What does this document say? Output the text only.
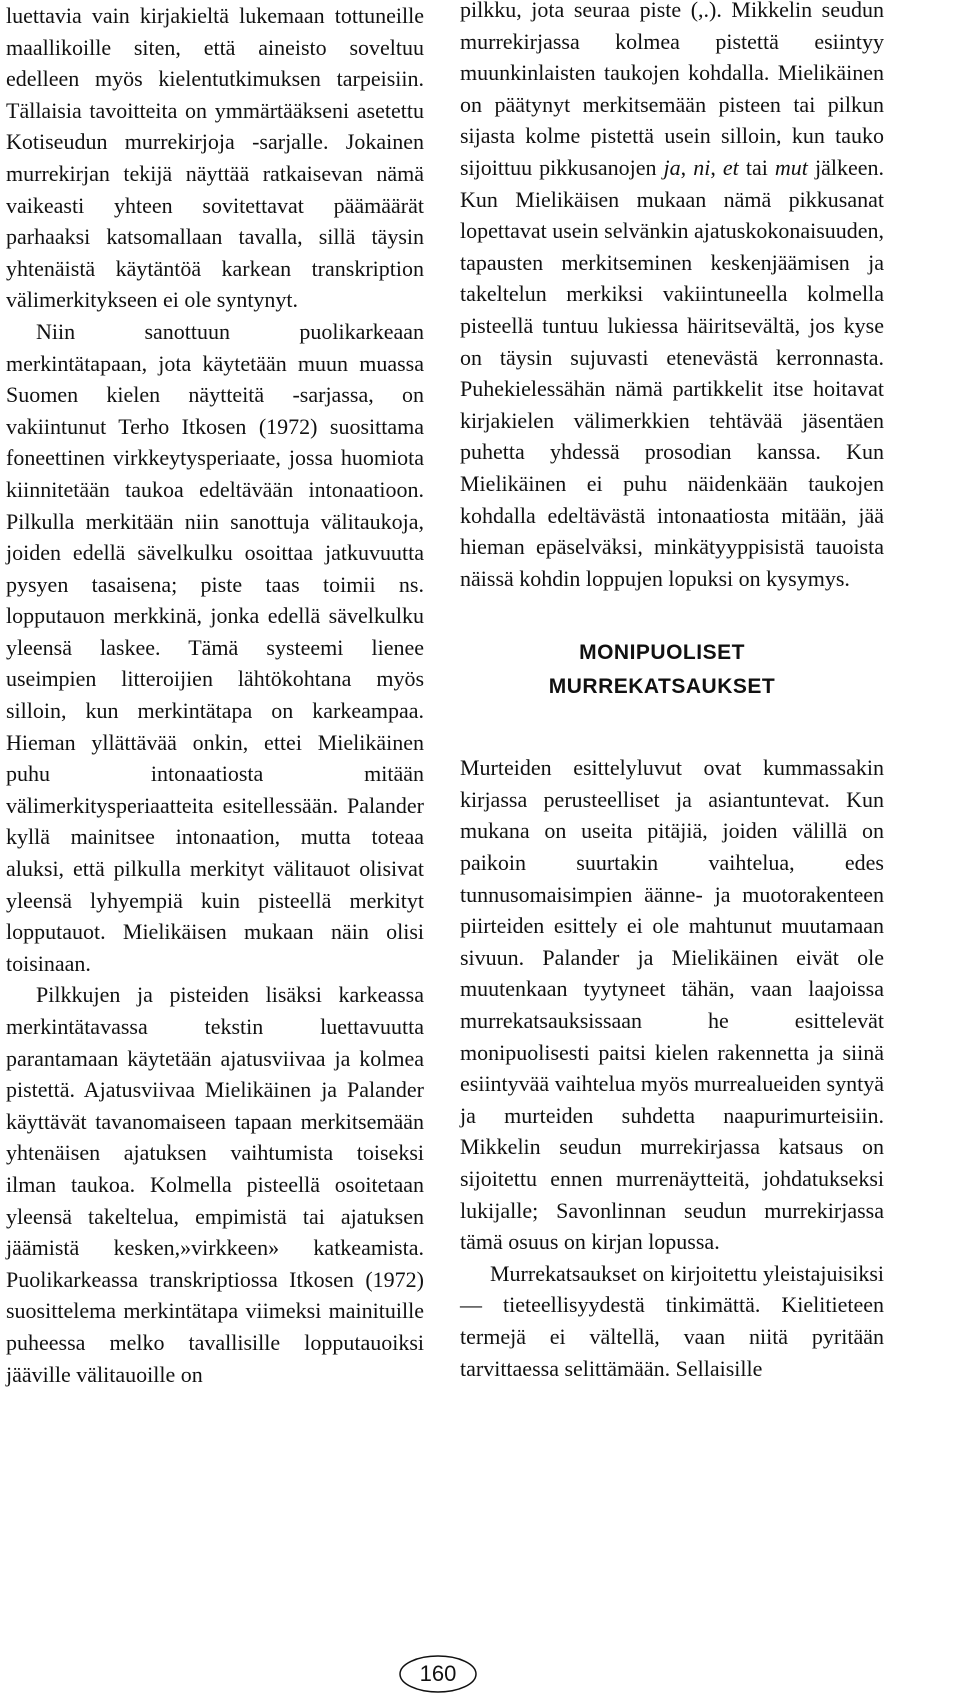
luettavia vain kirjakieltä lukemaan tottuneille maallikoille siten, että aineisto soveltuu edelleen myös kielentutkimuksen tarpeisiin. Tällaisia tavoitteita on ymmärtääkseni asetettu Kotiseudun murrekirjoja -sarjalle. Jokainen murrekirjan tekijä näyttää ratkaisevan nämä vaikeasti yhteen sovitettavat päämäärät parhaaksi katsomallaan tavalla, sillä täysin yhtenäistä käytäntöä karkean transkription välimerkitykseen ei ole syntynyt.

Niin sanottuun puolikarkeaan merkintätapaan, jota käytetään muun muassa Suomen kielen näytteitä -sarjassa, on vakiintunut Terho Itkosen (1972) suosittama foneettinen virkkeytysperiaate, jossa huomiota kiinnitetään taukoa edeltävään intonaatioon. Pilkulla merkitään niin sanottuja välitaukoja, joiden edellä sävelkulku osoittaa jatkuvuutta pysyen tasaisena; piste taas toimii ns. lopputauon merkkinä, jonka edellä sävelkulku yleensä laskee. Tämä systeemi lienee useimpien litteroijien lähtökohtana myös silloin, kun merkintätapa on karkeampaa. Hieman yllättävää onkin, ettei Mielikäinen puhu intonaatiosta mitään välimerkitysperiaatteita esitellessään. Palander kyllä mainitsee intonaation, mutta toteaa aluksi, että pilkulla merkityt välitauot olisivat yleensä lyhyempiä kuin pisteellä merkityt lopputauot. Mielikäisen mukaan näin olisi toisinaan.

Pilkkujen ja pisteiden lisäksi karkeassa merkintätavassa tekstin luettavuutta parantamaan käytetään ajatusviivaa ja kolmea pistettä. Ajatusviivaa Mielikäinen ja Palander käyttävät tavanomaiseen tapaan merkitsemään yhtenäisen ajatuksen vaihtumista toiseksi ilman taukoa. Kolmella pisteellä osoitetaan yleensä takeltelua, empimistä tai ajatuksen jäämistä kesken,»virkkeen» katkeamista. Puolikarkeassa transkriptiossa Itkosen (1972) suosittelema merkintätapa viimeksi mainituille puheessa melko tavallisille lopputauoiksi jääville välitauoille on

pilkku, jota seuraa piste (,.). Mikkelin seudun murrekirjassa kolmea pistettä esiintyy muunkinlaisten taukojen kohdalla. Mielikäinen on päätynyt merkitsemään pisteen tai pilkun sijasta kolme pistettä usein silloin, kun tauko sijoittuu pikkusanojen ja, ni, et tai mut jälkeen. Kun Mielikäisen mukaan nämä pikkusanat lopettavat usein selvänkin ajatuskokonaisuuden, tapausten merkitseminen keskenjäämisen ja takeltelun merkiksi vakiintuneella kolmella pisteellä tuntuu lukiessa häiritsevältä, jos kyse on täysin sujuvasti etenevästä kerronnasta. Puhekielessähän nämä partikkelit itse hoitavat kirjakielen välimerkkien tehtävää jäsentäen puhetta yhdessä prosodian kanssa. Kun Mielikäinen ei puhu näidenkään taukojen kohdalla edeltävästä intonaatiosta mitään, jää hieman epäselväksi, minkätyyppisistä tauoista näissä kohdin loppujen lopuksi on kysymys.

MONIPUOLISET
MURREKATSAUKSET

Murteiden esittelyluvut ovat kummassakin kirjassa perusteelliset ja asiantuntevat. Kun mukana on useita pitäjiä, joiden välillä on paikoin suurtakin vaihtelua, edes tunnusomaisimpien äänne- ja muotorakenteen piirteiden esittely ei ole mahtunut muutamaan sivuun. Palander ja Mielikäinen eivät ole muutenkaan tyytyneet tähän, vaan laajoissa murrekatsauksissaan he esittelevät monipuolisesti paitsi kielen rakennetta ja siinä esiintyvää vaihtelua myös murrealueiden syntyä ja murteiden suhdetta naapurimurteisiin. Mikkelin seudun murrekirjassa katsaus on sijoitettu ennen murrenäytteitä, johdatukseksi lukijalle; Savonlinnan seudun murrekirjassa tämä osuus on kirjan lopussa.

Murrekatsaukset on kirjoitettu yleistajuisiksi — tieteellisyydestä tinkimättä. Kielitieteen termejä ei vältellä, vaan niitä pyritään tarvittaessa selittämään. Sellaisille

160
